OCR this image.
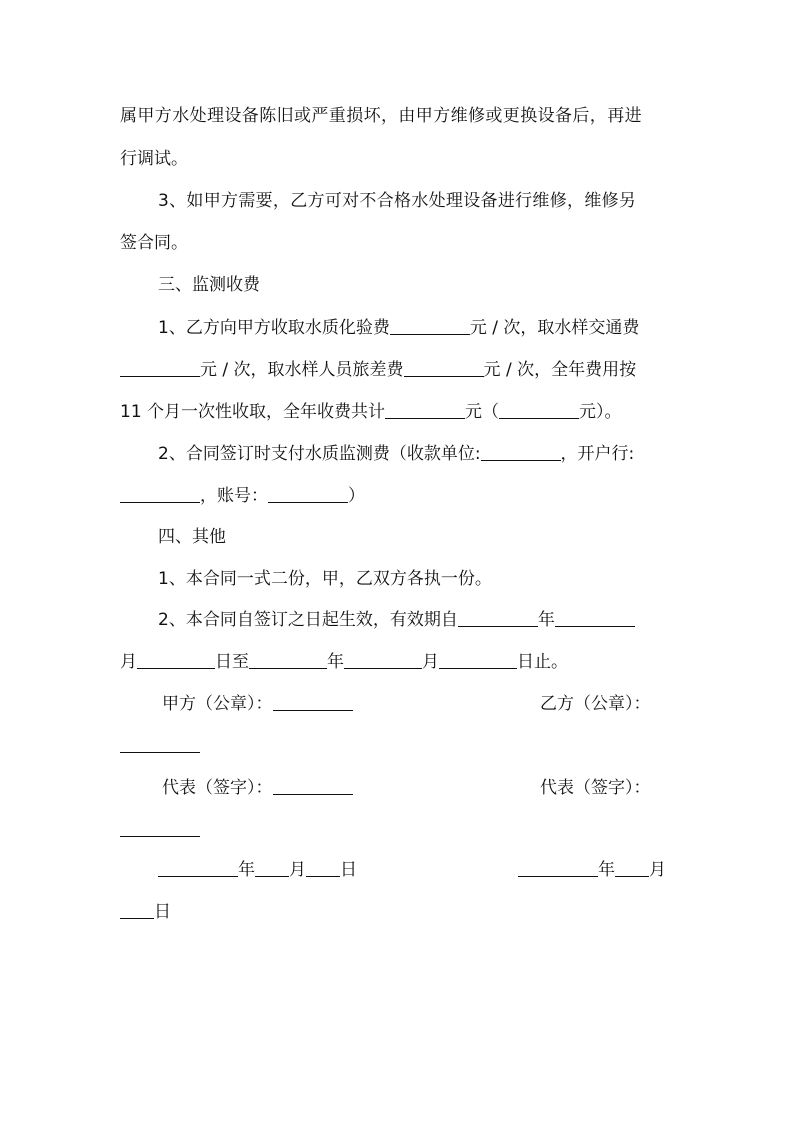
属甲方水处理设备陈旧或严重损坏，由甲方维修或更换设备后，再进
行调试。
3、如甲方需要，乙方可对不合格水处理设备进行维修，维修另
签合同。
三、监测收费
1、乙方向甲方收取水质化验费	元 / 次，取水样交通费
元 / 次，取水样人员旅差费	元 / 次，全年费用按
11 个月一次性收取，全年收费共计	元（	元）。
2、合同签订时支付水质监测费（收款单位:	，开户行:
，账号：	）
四、其他
1、本合同一式二份，甲，乙双方各执一份。
2、本合同自签订之日起生效，有效期自	年
月	日至	年	月	日止。
甲方（公章）：	乙方（公章）：
代表（签字）：	代表（签字）：
年 月 日	年 月
日
